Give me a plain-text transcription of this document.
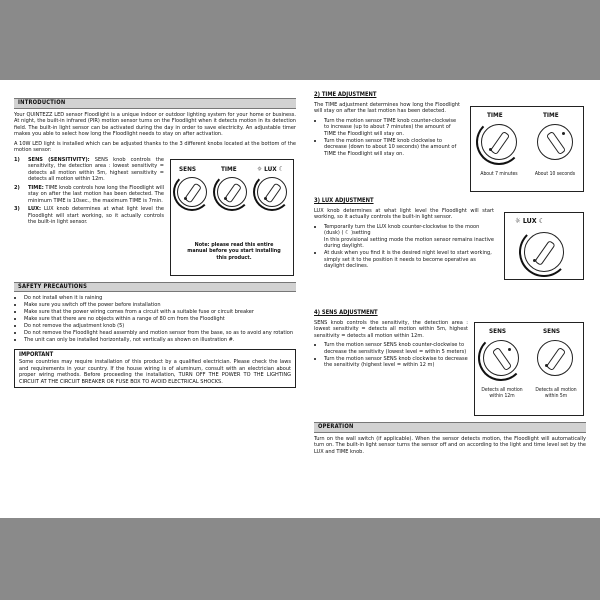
INTRODUCTION

Your QUINTEZZ LED sensor Floodlight is a unique indoor or outdoor lighting system for your home or business. At night, the built-in infrared (PIR) motion sensor turns on the Floodlight when it detects motion in its detection field. The built-in light sensor can be activated during the day in order to save electricity. An adjustable timer makes you able to select how long the Floodlight needs to stay on after activation.

A 10W LED light is installed which can be adjusted thanks to the 3 different knobs located at the bottom of the motion sensor:

1)	SENS (SENSITIVITY): SENS knob controls the sensitivity, the detection area : lowest sensitivity = detects all motion within 5m, highest sensitivity = detects all motion within 12m.
2)	TIME: TIME knob controls how long the Floodlight will stay on after the last motion has been detected. The minimum TIME is 10sec., the maximum TIME is 7min.
3)	LUX: LUX knob determines at what light level the Floodlight will start working, so it actually controls the built-in light sensor.
SENS	TIME	☼ LUX ☾
Note: please read this entire manual before you start installing this product.
SAFETY PRECAUTIONS
• Do not install when it is raining
• Make sure you switch off the power before installation
• Make sure that the power wiring comes from a circuit with a suitable fuse or circuit breaker
• Make sure that there are no objects within a range of 80 cm from the Floodlight
• Do not remove the adjustment knob (5)
• Do not remove the Floodlight head assembly and motion sensor from the base, so as to avoid any rotation
• The unit can only be installed horizontally, not vertically as shown on illustration #.
IMPORTANT

Some countries may require installation of this product by a qualified electrician. Please check the laws and requirements in your country. If the house wiring is of aluminum, consult with an electrician about proper wiring methods. Before proceeding the installation, TURN OFF THE POWER TO THE LIGHTING CIRCUIT AT THE CIRCUIT BREAKER OR FUSE BOX TO AVOID ELECTRICAL SHOCKS.

2) TIME ADJUSTMENT

The TIME adjustment determines how long the Floodlight will stay on after the last motion has been detected.

• Turn the motion sensor TIME knob counter-clockwise to increase (up to about 7 minutes) the amount of TIME the Floodlight will stay on.
• Turn the motion sensor TIME knob clockwise to decrease (down to about 10 seconds) the amount of TIME the Floodlight will stay on.
TIME	TIME
About 7 minutes	About 10 seconds
3) LUX ADJUSTMENT

LUX knob determines at what light level the Floodlight will start working, so it actually controls the built-in light sensor.

• Temporarily turn the LUX knob counter-clockwise to the moon (dusk) ( ☾ )setting
In this provisional setting mode the motion sensor remains inactive during daylight.
• At dusk when you find it is the desired night level to start working, simply set it to the position it needs to become operative as daylight declines.
☼ LUX ☾
4) SENS ADJUSTMENT

SENS knob controls the sensitivity, the detection area : lowest sensitivity = detects all motion within 5m, highest sensitivity = detects all motion within 12m.

• Turn the motion sensor SENS knob counter-clockwise to decrease the sensitivity (lowest level = within 5 meters)
• Turn the motion sensor SENS knob clockwise to decrease the sensitivity (highest level = within 12 m)
SENS	SENS
Detects all motion within 12m
Detects all motion within 5m
OPERATION

Turn on the wall switch (if applicable). When the sensor detects motion, the Floodlight will automatically turn on. The built-in light sensor turns the sensor off and on according to the light and time level set by the LUX and TIME knob.
